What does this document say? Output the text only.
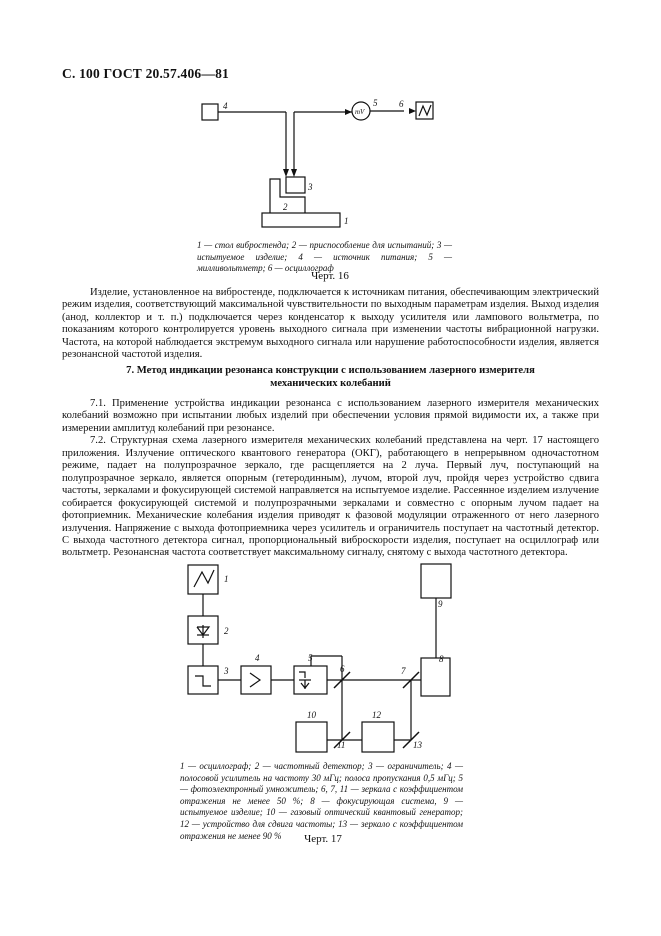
С. 100 ГОСТ 20.57.406—81
4	5 6
mV
3
2
1
1 — стол вибростенда; 2 — приспособление для испытаний; 3 — испытуемое изделие; 4 — источник питания; 5 — милливольтметр; 6 — осциллограф
Черт. 16

Изделие, установленное на вибростенде, подключается к источникам питания, обеспечивающим электрический режим изделия, соответствующий максимальной чувствительности по выходным параметрам изделия. Выход изделия (анод, коллектор и т. п.) подключается через конденсатор к выходу усилителя или лампового вольтметра, по показаниям которого контролируется уровень выходного сигнала при изменении частоты вибрационной нагрузки. Частота, на которой наблюдается экстремум выходного сигнала или нарушение работоспособности изделия, является резонансной частотой изделия.

7. Метод индикации резонанса конструкции с использованием лазерного измерителя
механических колебаний

7.1. Применение устройства индикации резонанса с использованием лазерного измерителя механических колебаний возможно при испытании любых изделий при обеспечении условия прямой видимости их, а также при измерении амплитуд колебаний при резонансе.

7.2. Структурная схема лазерного измерителя механических колебаний представлена на черт. 17 настоящего приложения. Излучение оптического квантового генератора (ОКГ), работающего в непрерывном одночастотном режиме, падает на полупрозрачное зеркало, где расщепляется на 2 луча. Первый луч, поступающий на полупрозрачное зеркало, является опорным (гетеродинным), лучом, второй луч, пройдя через устройство сдвига частоты, зеркалами и фокусирующей системой направляется на испытуемое изделие. Рассеянное изделием излучение собирается фокусирующей системой и полупрозрачными зеркалами и совместно с опорным лучом падает на фотоприемник. Механические колебания изделия приводят к фазовой модуляции отраженного от него лазерного излучения. Напряжение с выхода фотоприемника через усилитель и ограничитель поступает на частотный детектор. С выхода частотного детектора сигнал, пропорциональный виброскорости изделия, поступает на осциллограф или вольтметр. Резонансная частота соответствует максимальному сигналу, снятому с выхода частотного детектора.

1
2
3
4	5
6	7
8
9
10
11
12
13
1 — осциллограф; 2 — частотный детектор; 3 — ограничитель; 4 — полосовой усилитель на частоту 30 мГц; полоса пропускания 0,5 мГц; 5 — фотоэлектронный умножитель; 6, 7, 11 — зеркала с коэффициентом отражения не менее 50 %; 8 — фокусирующая система, 9 — испытуемое изделие; 10 — газовый оптический квантовый генератор; 12 — устройство для сдвига частоты; 13 — зеркало с коэффициентом отражения не менее 90 %	Черт. 17
